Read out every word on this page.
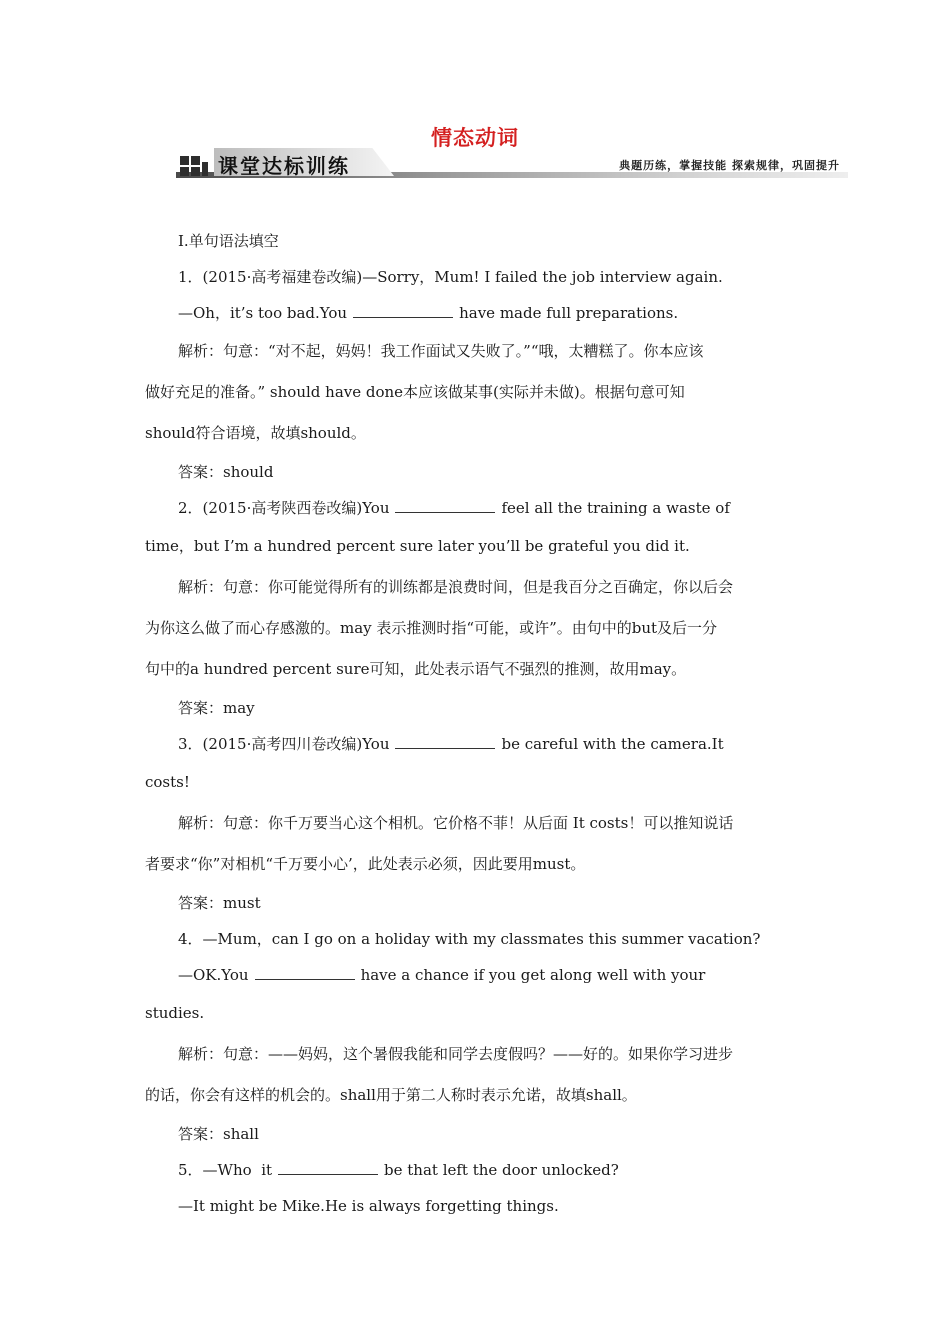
情态动词
课堂达标训练	典题历练，掌握技能 探索规律，巩固提升
Ⅰ.单句语法填空
1．(2015·高考福建卷改编)—Sorry，Mum! I failed the job interview again.
—Oh，it’s too bad.You	have made full preparations.
解析：句意：“对不起，妈妈！我工作面试又失败了。”“哦，太糟糕了。你本应该
做好充足的准备。” should have done本应该做某事(实际并未做)。根据句意可知
should符合语境，故填should。
答案：should
2．(2015·高考陕西卷改编)You	feel all the training a waste of
time，but I’m a hundred percent sure later you’ll be grateful you did it.
解析：句意：你可能觉得所有的训练都是浪费时间，但是我百分之百确定，你以后会
为你这么做了而心存感激的。may 表示推测时指“可能，或许”。由句中的but及后一分
句中的a hundred percent sure可知，此处表示语气不强烈的推测，故用may。
答案：may
3．(2015·高考四川卷改编)You	be careful with the camera.It
costs!
解析：句意：你千万要当心这个相机。它价格不菲！从后面 It costs！可以推知说话
者要求“你”对相机“千万要小心’，此处表示必须，因此要用must。
答案：must
4．—Mum，can I go on a holiday with my classmates this summer vacation?
—OK.You	have a chance if you get along well with your
studies.
解析：句意：——妈妈，这个暑假我能和同学去度假吗？——好的。如果你学习进步
的话，你会有这样的机会的。shall用于第二人称时表示允诺，故填shall。
答案：shall
5．—Who  it	be that left the door unlocked?
—It might be Mike.He is always forgetting things.
